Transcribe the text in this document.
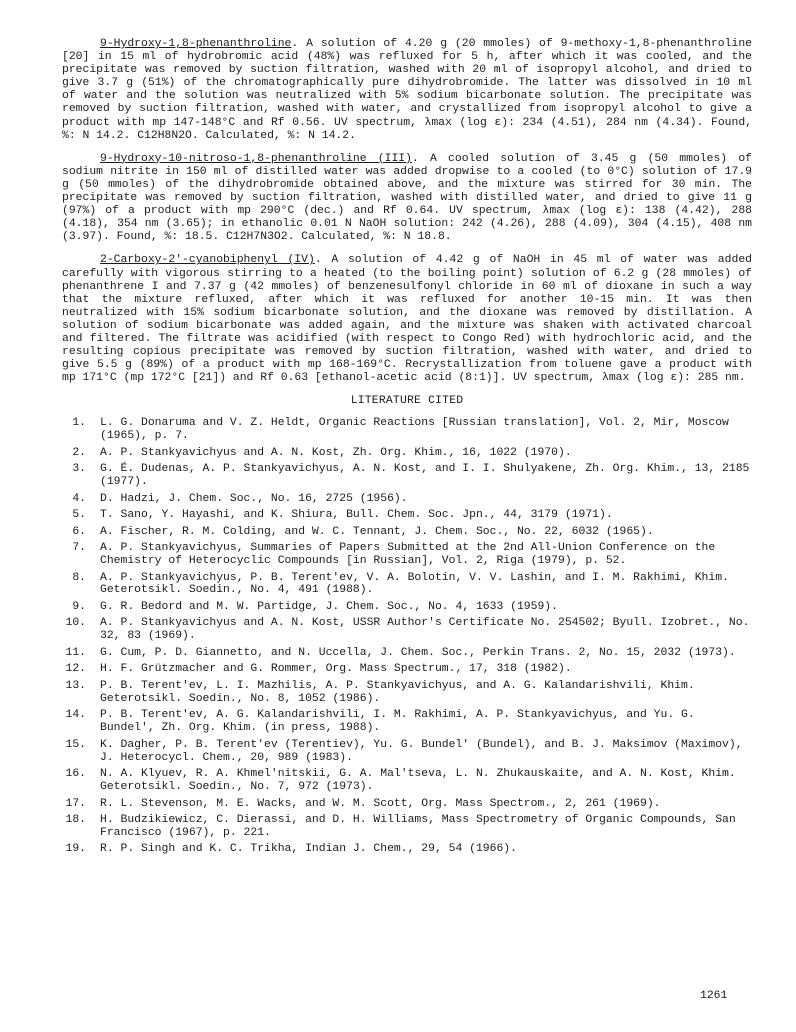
9-Hydroxy-1,8-phenanthroline. A solution of 4.20 g (20 mmoles) of 9-methoxy-1,8-phenanthroline [20] in 15 ml of hydrobromic acid (48%) was refluxed for 5 h, after which it was cooled, and the precipitate was removed by suction filtration, washed with 20 ml of isopropyl alcohol, and dried to give 3.7 g (51%) of the chromatographically pure dihydrobromide. The latter was dissolved in 10 ml of water and the solution was neutralized with 5% sodium bicarbonate solution. The precipitate was removed by suction filtration, washed with water, and crystallized from isopropyl alcohol to give a product with mp 147-148°C and Rf 0.56. UV spectrum, λmax (log ε): 234 (4.51), 284 nm (4.34). Found, %: N 14.2. C12H8N2O. Calculated, %: N 14.2.

9-Hydroxy-10-nitroso-1,8-phenanthroline (III). A cooled solution of 3.45 g (50 mmoles) of sodium nitrite in 150 ml of distilled water was added dropwise to a cooled (to 0°C) solution of 17.9 g (50 mmoles) of the dihydrobromide obtained above, and the mixture was stirred for 30 min. The precipitate was removed by suction filtration, washed with distilled water, and dried to give 11 g (97%) of a product with mp 290°C (dec.) and Rf 0.64. UV spectrum, λmax (log ε): 138 (4.42), 288 (4.18), 354 nm (3.65); in ethanolic 0.01 N NaOH solution: 242 (4.26), 288 (4.09), 304 (4.15), 408 nm (3.97). Found, %: 18.5. C12H7N3O2. Calculated, %: N 18.8.

2-Carboxy-2'-cyanobiphenyl (IV). A solution of 4.42 g of NaOH in 45 ml of water was added carefully with vigorous stirring to a heated (to the boiling point) solution of 6.2 g (28 mmoles) of phenanthrene I and 7.37 g (42 mmoles) of benzenesulfonyl chloride in 60 ml of dioxane in such a way that the mixture refluxed, after which it was refluxed for another 10-15 min. It was then neutralized with 15% sodium bicarbonate solution, and the dioxane was removed by distillation. A solution of sodium bicarbonate was added again, and the mixture was shaken with activated charcoal and filtered. The filtrate was acidified (with respect to Congo Red) with hydrochloric acid, and the resulting copious precipitate was removed by suction filtration, washed with water, and dried to give 5.5 g (89%) of a product with mp 168-169°C. Recrystallization from toluene gave a product with mp 171°C (mp 172°C [21]) and Rf 0.63 [ethanol-acetic acid (8:1)]. UV spectrum, λmax (log ε): 285 nm.

LITERATURE CITED
1. L. G. Donaruma and V. Z. Heldt, Organic Reactions [Russian translation], Vol. 2, Mir, Moscow (1965), p. 7.
2. A. P. Stankyavichyus and A. N. Kost, Zh. Org. Khim., 16, 1022 (1970).
3. G. É. Dudenas, A. P. Stankyavichyus, A. N. Kost, and I. I. Shulyakene, Zh. Org. Khim., 13, 2185 (1977).
4. D. Hadzi, J. Chem. Soc., No. 16, 2725 (1956).
5. T. Sano, Y. Hayashi, and K. Shiura, Bull. Chem. Soc. Jpn., 44, 3179 (1971).
6. A. Fischer, R. M. Colding, and W. C. Tennant, J. Chem. Soc., No. 22, 6032 (1965).
7. A. P. Stankyavichyus, Summaries of Papers Submitted at the 2nd All-Union Conference on the Chemistry of Heterocyclic Compounds [in Russian], Vol. 2, Riga (1979), p. 52.
8. A. P. Stankyavichyus, P. B. Terent'ev, V. A. Bolotin, V. V. Lashin, and I. M. Rakhimi, Khim. Geterotsikl. Soedin., No. 4, 491 (1988).
9. G. R. Bedord and M. W. Partidge, J. Chem. Soc., No. 4, 1633 (1959).
10. A. P. Stankyavichyus and A. N. Kost, USSR Author's Certificate No. 254502; Byull. Izobret., No. 32, 83 (1969).
11. G. Cum, P. D. Giannetto, and N. Uccella, J. Chem. Soc., Perkin Trans. 2, No. 15, 2032 (1973).
12. H. F. Grützmacher and G. Rommer, Org. Mass Spectrum., 17, 318 (1982).
13. P. B. Terent'ev, L. I. Mazhilis, A. P. Stankyavichyus, and A. G. Kalandarishvili, Khim. Geterotsikl. Soedin., No. 8, 1052 (1986).
14. P. B. Terent'ev, A. G. Kalandarishvili, I. M. Rakhimi, A. P. Stankyavichyus, and Yu. G. Bundel', Zh. Org. Khim. (in press, 1988).
15. K. Dagher, P. B. Terent'ev (Terentiev), Yu. G. Bundel' (Bundel), and B. J. Maksimov (Maximov), J. Heterocycl. Chem., 20, 989 (1983).
16. N. A. Klyuev, R. A. Khmel'nitskii, G. A. Mal'tseva, L. N. Zhukauskaite, and A. N. Kost, Khim. Geterotsikl. Soedin., No. 7, 972 (1973).
17. R. L. Stevenson, M. E. Wacks, and W. M. Scott, Org. Mass Spectrom., 2, 261 (1969).
18. H. Budzikiewicz, C. Dierassi, and D. H. Williams, Mass Spectrometry of Organic Compounds, San Francisco (1967), p. 221.
19. R. P. Singh and K. C. Trikha, Indian J. Chem., 29, 54 (1966).
1261
